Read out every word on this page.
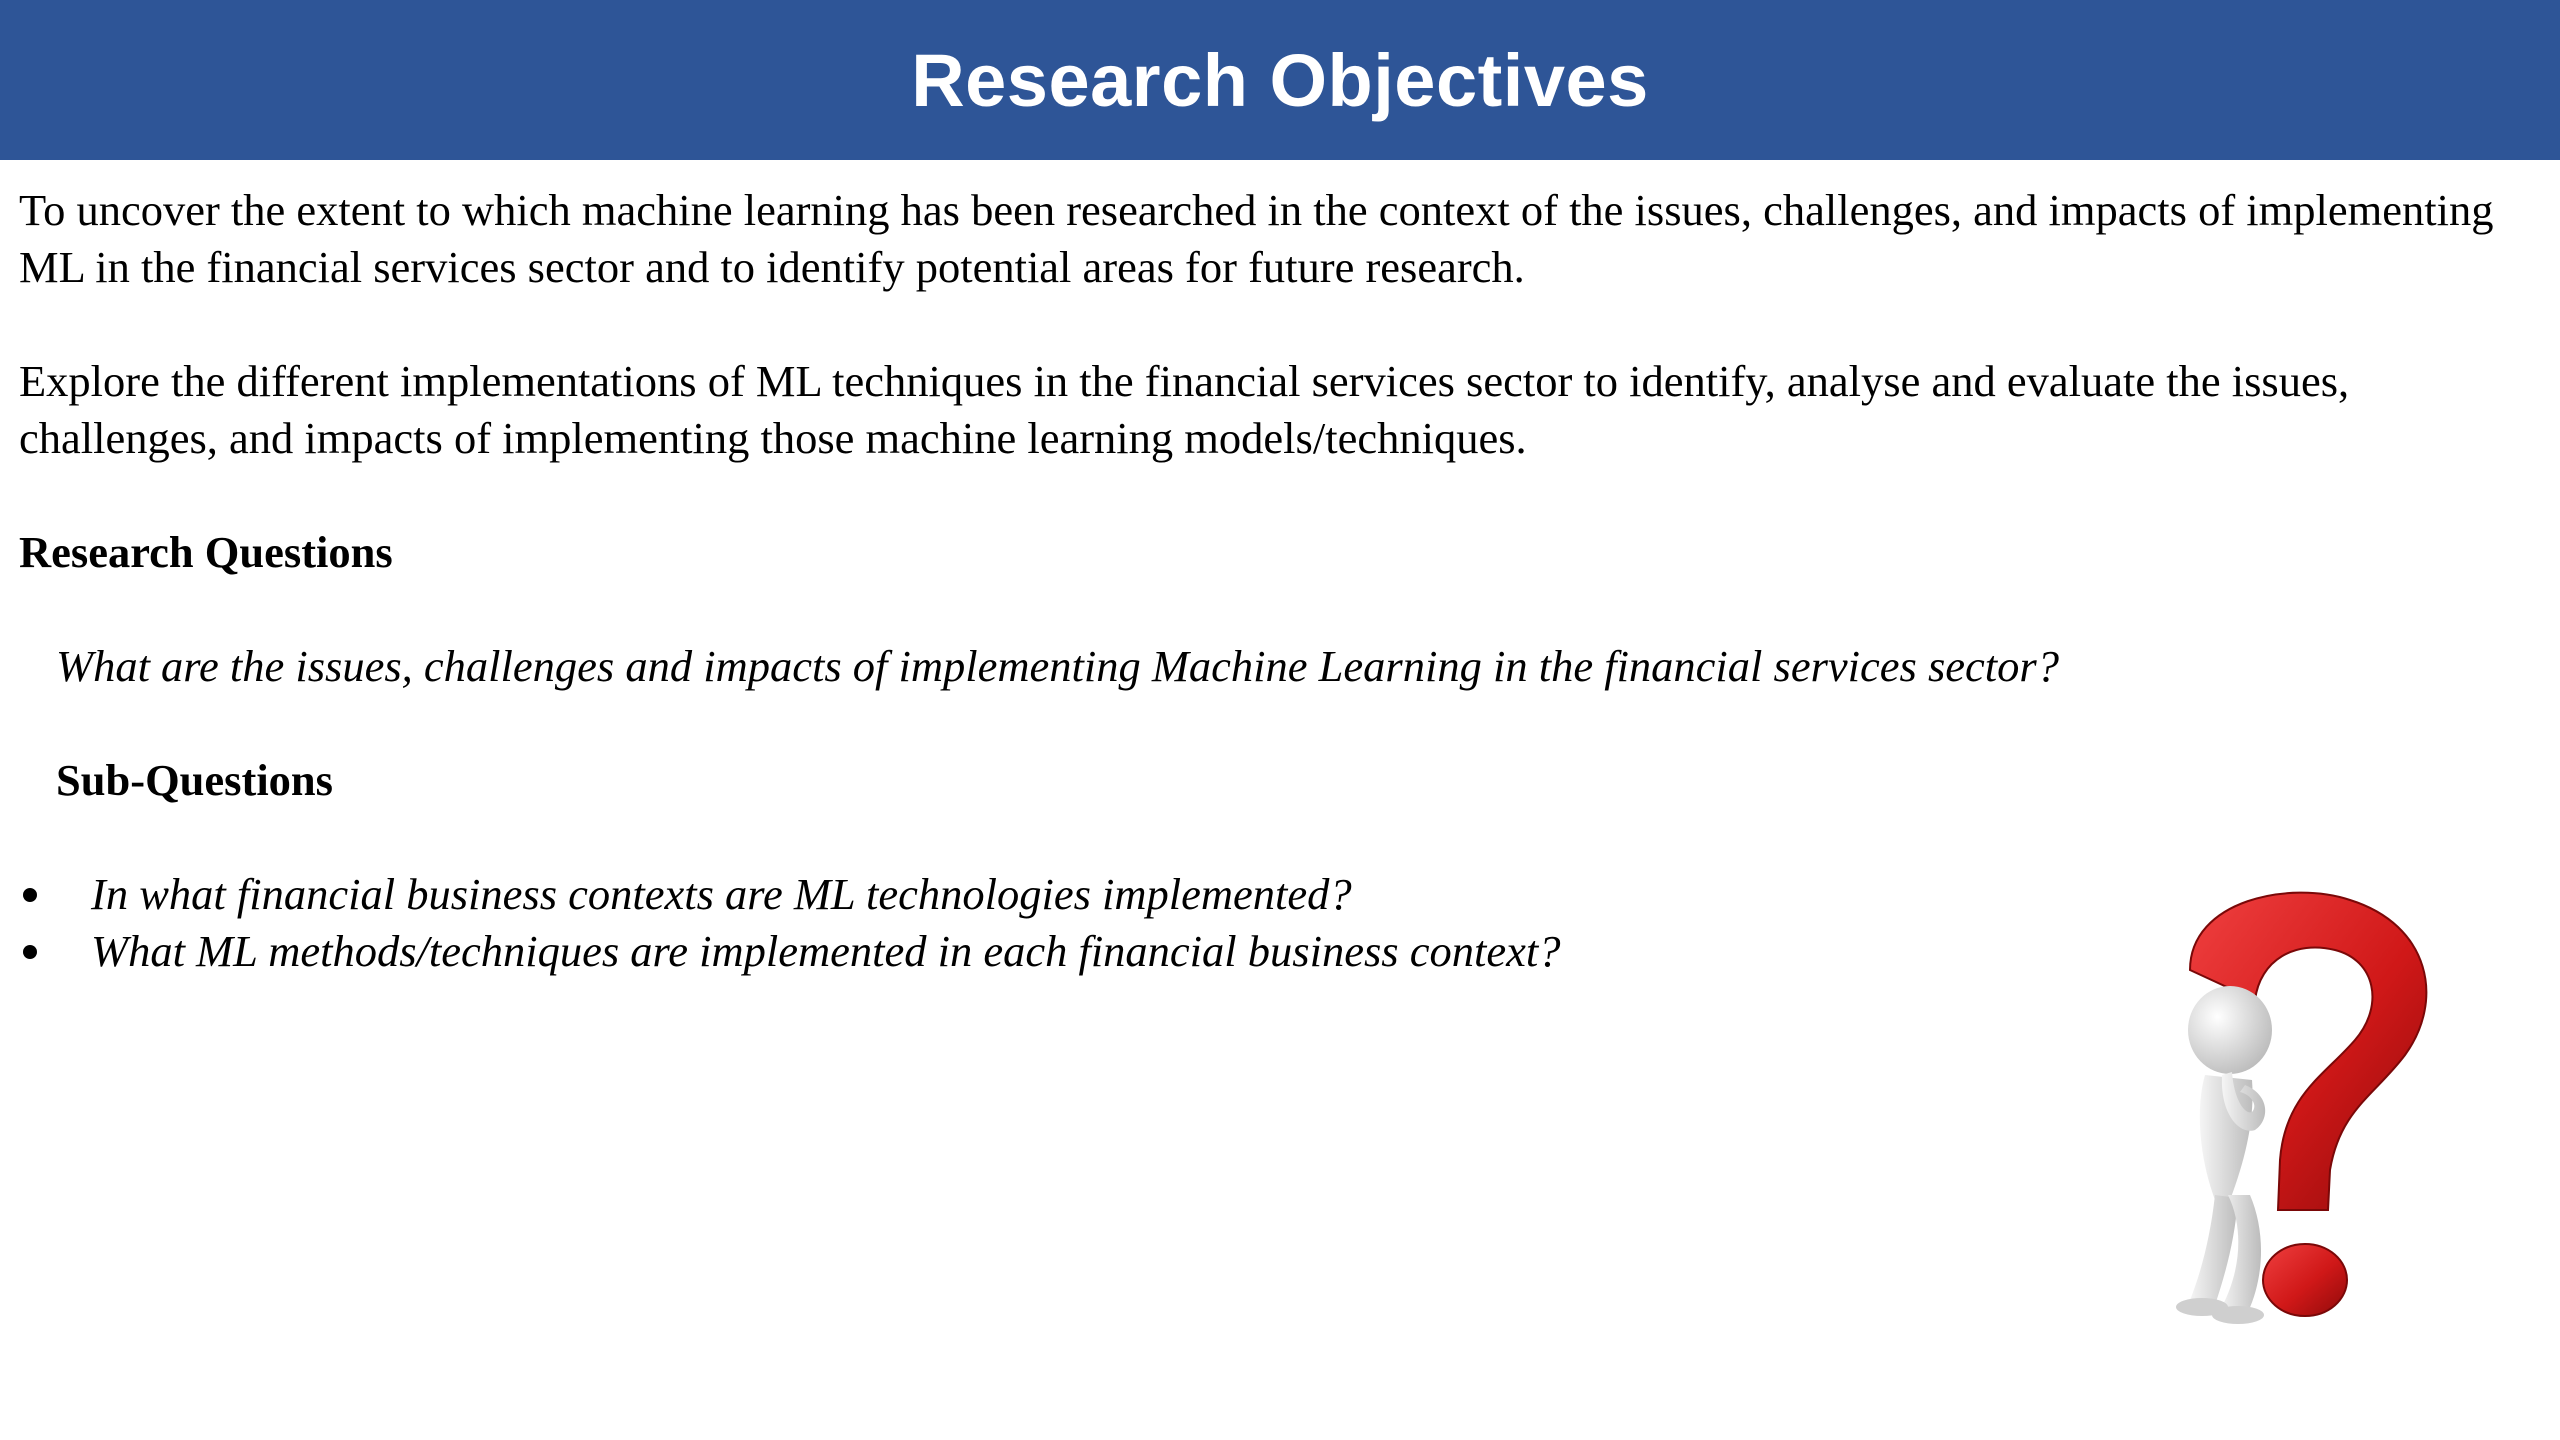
Research Objectives

To uncover the extent to which machine learning has been researched in the context of the issues, challenges, and impacts of implementing ML in the financial services sector and to identify potential areas for future research.

Explore the different implementations of ML techniques in the financial services sector to identify, analyse and evaluate the issues, challenges, and impacts of implementing those machine learning models/techniques.

Research Questions

What are the issues, challenges and impacts of implementing Machine Learning in the financial services sector?

Sub-Questions

In what financial business contexts are ML technologies implemented?
What ML methods/techniques are implemented in each financial business context?
